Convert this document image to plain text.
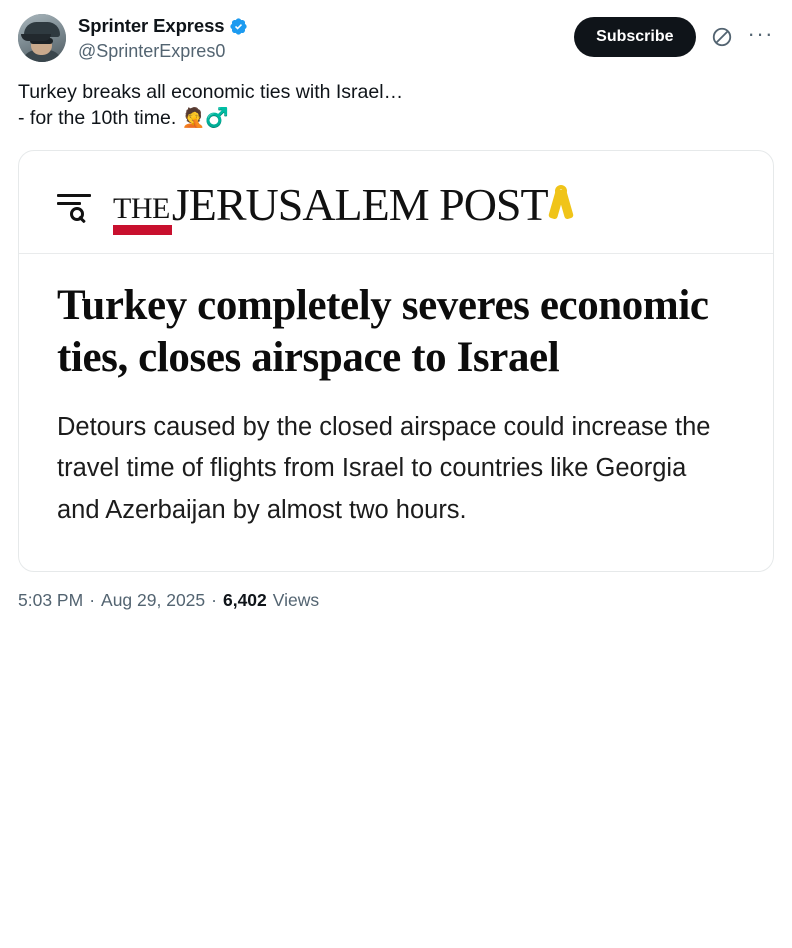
Sprinter Express
@SprinterExpres0
Subscribe	···
Turkey breaks all economic ties with Israel…
- for the 10th time. 🤦♂️
THE JERUSALEM POST
Turkey completely severes economic ties, closes airspace to Israel

Detours caused by the closed airspace could increase the travel time of flights from Israel to countries like Georgia and Azerbaijan by almost two hours.

5:03 PM · Aug 29, 2025 · 6,402 Views
